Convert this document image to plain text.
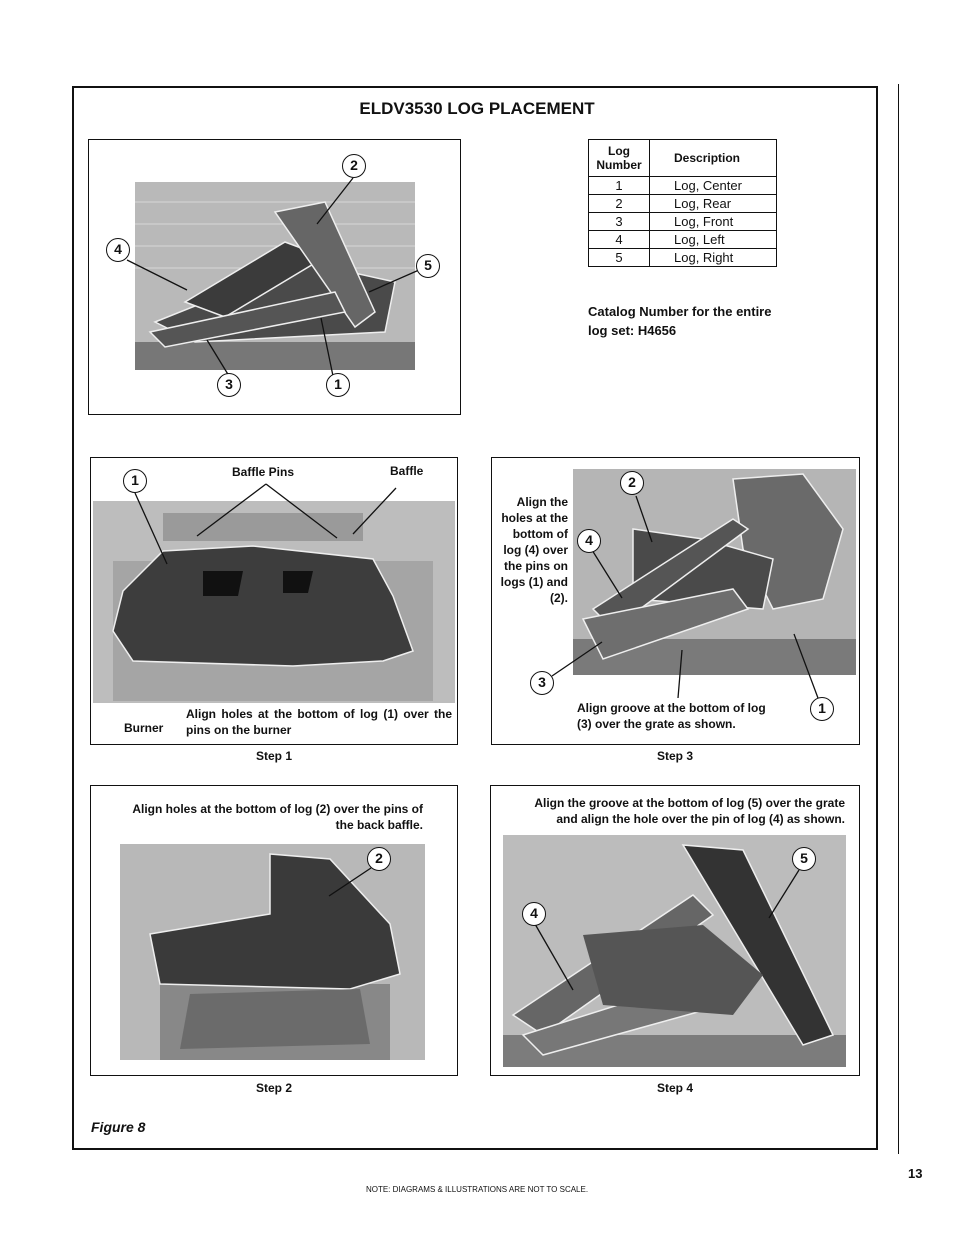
ELDV3530 LOG PLACEMENT
2
4
5
3	1
Log Number	Description
1	Log, Center
2	Log, Rear
3	Log, Front
4	Log, Left
5	Log, Right
Catalog Number for the entire log set: H4656
1	Baffle Pins	Baffle
Burner
Align holes at the bottom of log (1) over the pins on the burner
Step 1
2
4
3
1
Align the holes at the bottom of log (4) over the pins on logs (1) and (2).
Align groove at the bottom of log (3) over the grate as shown.
Step 3
Align holes at the bottom of log (2) over the pins of the back baffle.
2
Step 2
Align the groove at the bottom of log (5) over the grate and align the hole over the pin of log (4) as shown.
4
5
Step 4
Figure 8
13
NOTE: DIAGRAMS & ILLUSTRATIONS ARE NOT TO SCALE.
